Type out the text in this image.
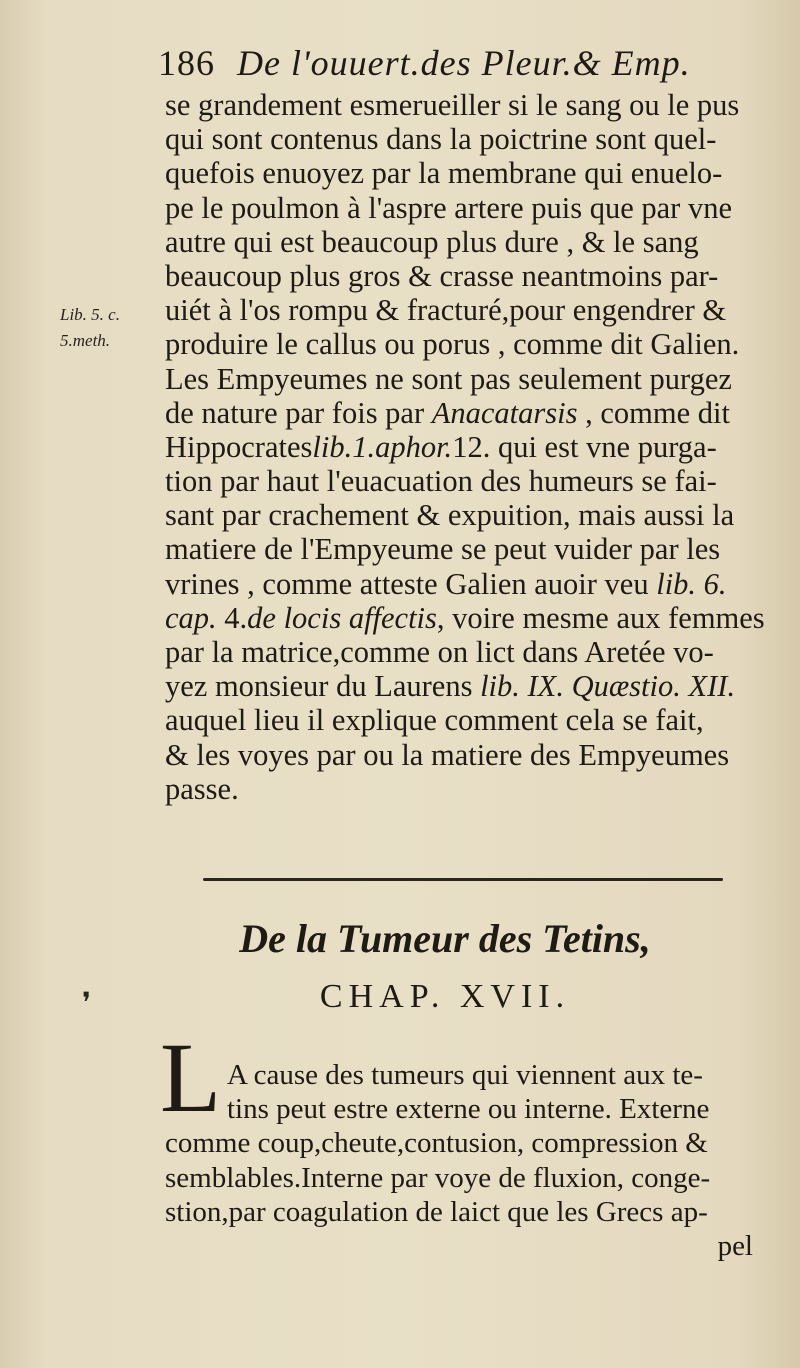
186 De l'ouuert.des Pleur.& Emp.
Lib. 5. c.
5.meth.
se grandement esmerueiller si le sang ou le pus
qui sont contenus dans la poictrine sont quel-
quefois enuoyez par la membrane qui enuelo-
pe le poulmon à l'aspre artere puis que par vne
autre qui est beaucoup plus dure , & le sang
beaucoup plus gros & crasse neantmoins par-
uiét à l'os rompu & fracturé,pour engendrer &
produire le callus ou porus , comme dit Galien.
Les Empyeumes ne sont pas seulement purgez
de nature par fois par Anacatarsis , comme dit
Hippocrateslib.1.aphor.12. qui est vne purga-
tion par haut l'euacuation des humeurs se fai-
sant par crachement & expuition, mais aussi la
matiere de l'Empyeume se peut vuider par les
vrines , comme atteste Galien auoir veu lib. 6.
cap. 4.de locis affectis, voire mesme aux femmes
par la matrice,comme on lict dans Aretée vo-
yez monsieur du Laurens lib. IX. Quæstio. XII.
auquel lieu il explique comment cela se fait,
& les voyes par ou la matiere des Empyeumes
passe.
❜
De la Tumeur des Tetins,
CHAP. XVII.
L A cause des tumeurs qui viennent aux te-
tins peut estre externe ou interne. Externe
comme coup,cheute,contusion, compression &
semblables.Interne par voye de fluxion, conge-
stion,par coagulation de laict que les Grecs ap-
pel
